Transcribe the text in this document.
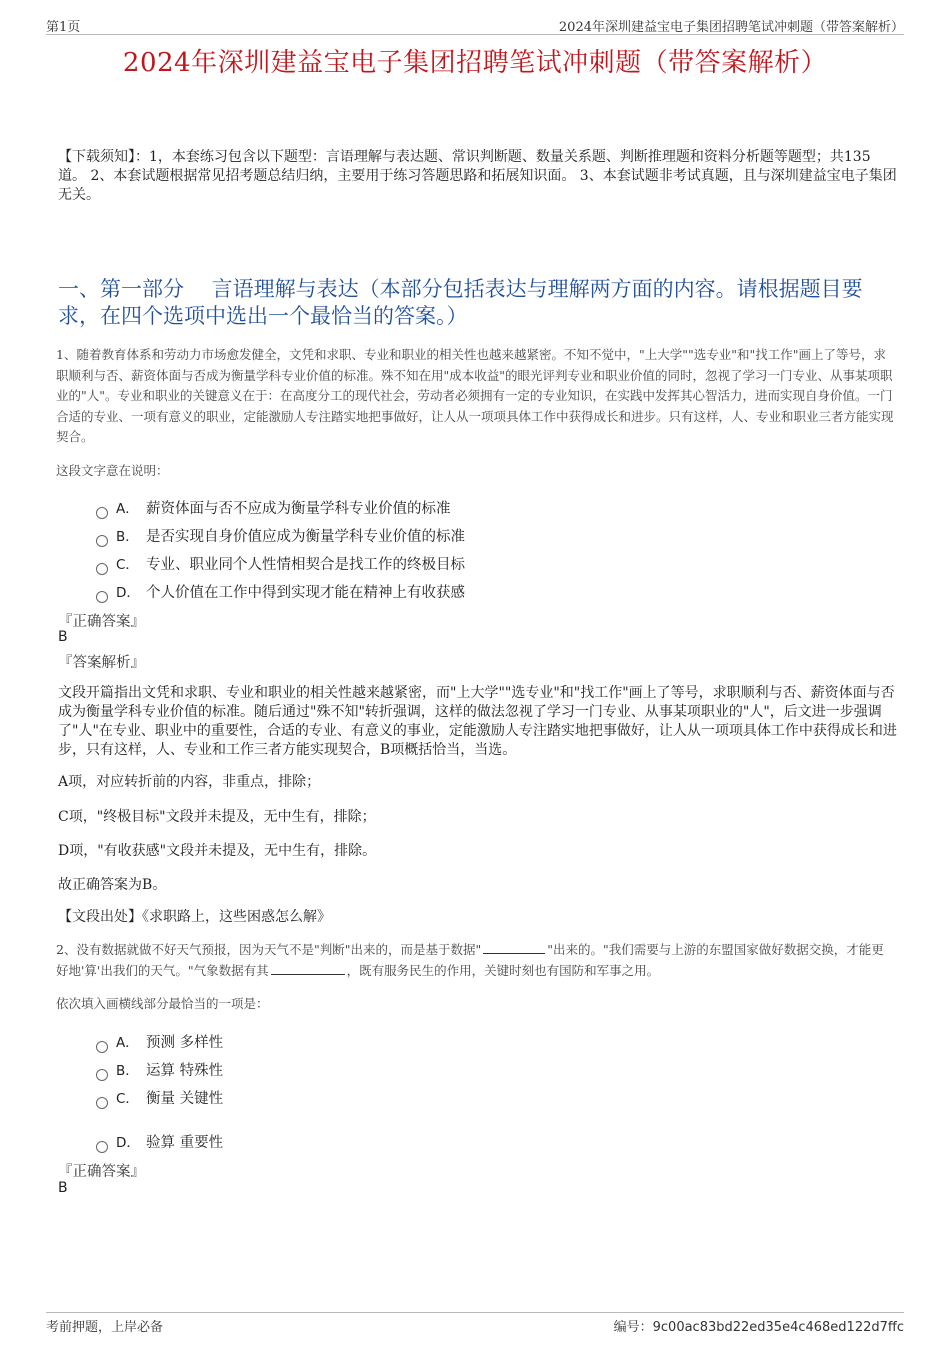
第1页	2024年深圳建益宝电子集团招聘笔试冲刺题（带答案解析）
2024年深圳建益宝电子集团招聘笔试冲刺题（带答案解析）
【下载须知】：1，本套练习包含以下题型：言语理解与表达题、常识判断题、数量关系题、判断推理题和资料分析题等题型；共135道。 2、本套试题根据常见招考题总结归纳，主要用于练习答题思路和拓展知识面。 3、本套试题非考试真题，且与深圳建益宝电子集团无关。
一、第一部分　 言语理解与表达（本部分包括表达与理解两方面的内容。请根据题目要求，在四个选项中选出一个最恰当的答案。）
1、随着教育体系和劳动力市场愈发健全，文凭和求职、专业和职业的相关性也越来越紧密。不知不觉中，"上大学""选专业"和"找工作"画上了等号，求职顺利与否、薪资体面与否成为衡量学科专业价值的标准。殊不知在用"成本收益"的眼光评判专业和职业价值的同时，忽视了学习一门专业、从事某项职业的"人"。专业和职业的关键意义在于：在高度分工的现代社会，劳动者必须拥有一定的专业知识，在实践中发挥其心智活力，进而实现自身价值。一门合适的专业、一项有意义的职业，定能激励人专注踏实地把事做好，让人从一项项具体工作中获得成长和进步。只有这样，人、专业和职业三者方能实现契合。
这段文字意在说明：
A． 薪资体面与否不应成为衡量学科专业价值的标准
B． 是否实现自身价值应成为衡量学科专业价值的标准
C． 专业、职业同个人性情相契合是找工作的终极目标
D． 个人价值在工作中得到实现才能在精神上有收获感
『正确答案』
B
『答案解析』
文段开篇指出文凭和求职、专业和职业的相关性越来越紧密，而"上大学""选专业"和"找工作"画上了等号，求职顺利与否、薪资体面与否成为衡量学科专业价值的标准。随后通过"殊不知"转折强调，这样的做法忽视了学习一门专业、从事某项职业的"人"，后文进一步强调了"人"在专业、职业中的重要性，合适的专业、有意义的事业，定能激励人专注踏实地把事做好，让人从一项项具体工作中获得成长和进步，只有这样，人、专业和工作三者方能实现契合，B项概括恰当，当选。
A项，对应转折前的内容，非重点，排除；
C项，"终极目标"文段并未提及，无中生有，排除；
D项，"有收获感"文段并未提及，无中生有，排除。
故正确答案为B。
【文段出处】《求职路上，这些困惑怎么解》
2、没有数据就做不好天气预报，因为天气不是"判断"出来的，而是基于数据"	"出来的。"我们需要与上游的东盟国家做好数据交换，才能更好地'算'出我们的天气。"气象数据有其	，既有服务民生的作用，关键时刻也有国防和军事之用。
依次填入画横线部分最恰当的一项是：
A． 预测 多样性
B． 运算 特殊性
C． 衡量 关键性
D． 验算 重要性
『正确答案』
B
考前押题，上岸必备	编号：9c00ac83bd22ed35e4c468ed122d7ffc
